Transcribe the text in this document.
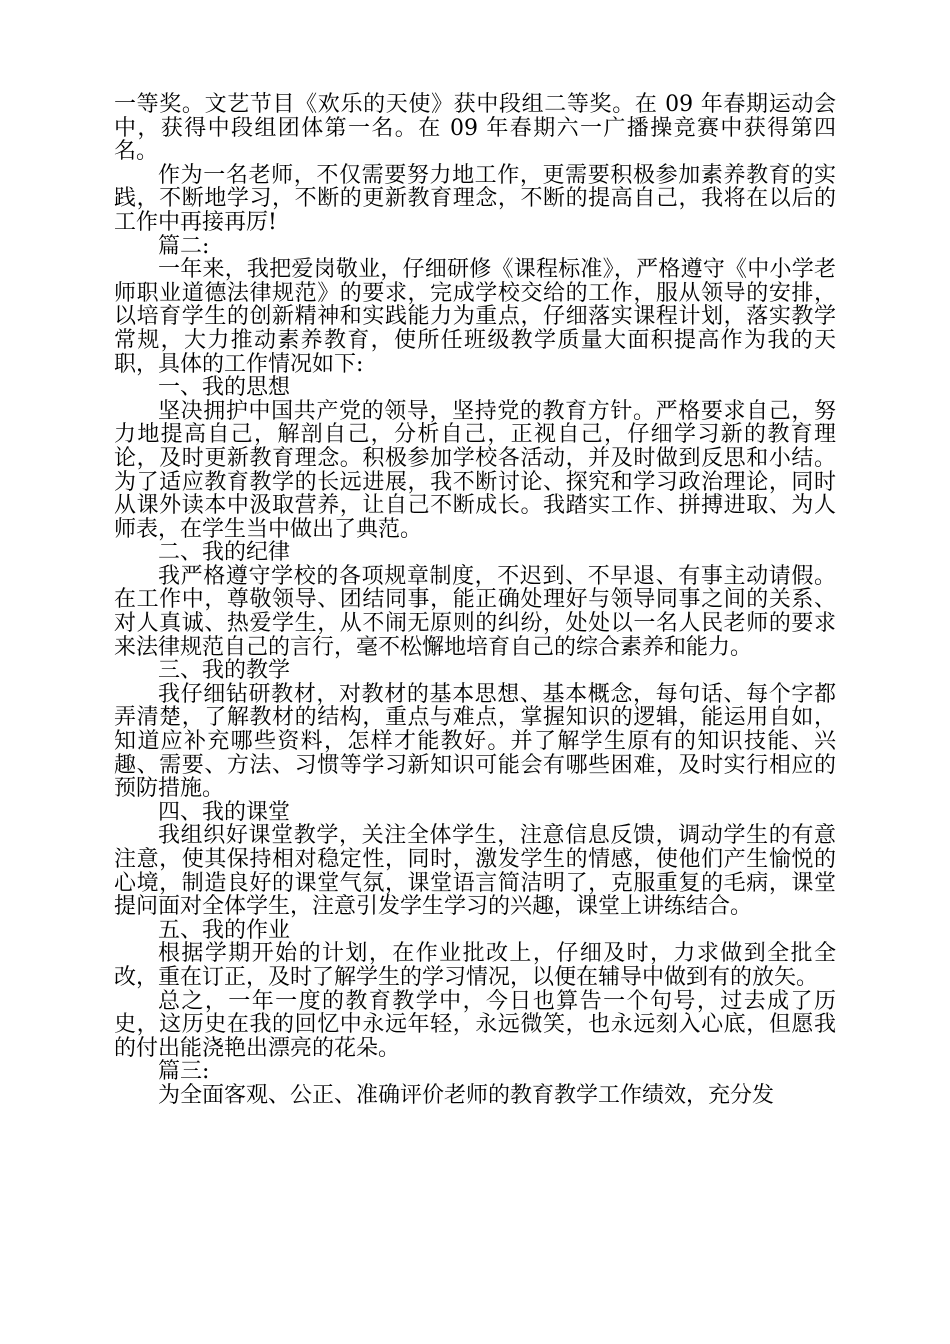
一等奖。文艺节目《欢乐的天使》获中段组二等奖。在 09 年春期运动会中，获得中段组团体第一名。在 09 年春期六一广播操竞赛中获得第四名。

作为一名老师，不仅需要努力地工作，更需要积极参加素养教育的实践，不断地学习，不断的更新教育理念，不断的提高自己，我将在以后的工作中再接再厉!

篇二:

一年来，我把爱岗敬业，仔细研修《课程标准》，严格遵守《中小学老师职业道德法律规范》的要求，完成学校交给的工作，服从领导的安排，以培育学生的创新精神和实践能力为重点，仔细落实课程计划，落实教学常规，大力推动素养教育，使所任班级教学质量大面积提高作为我的天职，具体的工作情况如下:

一、我的思想

坚决拥护中国共产党的领导，坚持党的教育方针。严格要求自己，努力地提高自己，解剖自己，分析自己，正视自己，仔细学习新的教育理论，及时更新教育理念。积极参加学校各活动，并及时做到反思和小结。为了适应教育教学的长远进展，我不断讨论、探究和学习政治理论，同时从课外读本中汲取营养，让自己不断成长。我踏实工作、拼搏进取、为人师表，在学生当中做出了典范。

二、我的纪律

我严格遵守学校的各项规章制度，不迟到、不早退、有事主动请假。在工作中，尊敬领导、团结同事，能正确处理好与领导同事之间的关系、对人真诚、热爱学生，从不闹无原则的纠纷，处处以一名人民老师的要求来法律规范自己的言行，毫不松懈地培育自己的综合素养和能力。

三、我的教学

我仔细钻研教材，对教材的基本思想、基本概念，每句话、每个字都弄清楚，了解教材的结构，重点与难点，掌握知识的逻辑，能运用自如，知道应补充哪些资料，怎样才能教好。并了解学生原有的知识技能、兴趣、需要、方法、习惯等学习新知识可能会有哪些困难，及时实行相应的预防措施。

四、我的课堂

我组织好课堂教学，关注全体学生，注意信息反馈，调动学生的有意注意，使其保持相对稳定性，同时，激发学生的情感，使他们产生愉悦的心境，制造良好的课堂气氛，课堂语言简洁明了，克服重复的毛病，课堂提问面对全体学生，注意引发学生学习的兴趣，课堂上讲练结合。

五、我的作业

根据学期开始的计划，在作业批改上，仔细及时，力求做到全批全改，重在订正，及时了解学生的学习情况，以便在辅导中做到有的放矢。

总之，一年一度的教育教学中，今日也算告一个句号，过去成了历史，这历史在我的回忆中永远年轻，永远微笑，也永远刻入心底，但愿我的付出能浇艳出漂亮的花朵。

篇三:

为全面客观、公正、准确评价老师的教育教学工作绩效，充分发
